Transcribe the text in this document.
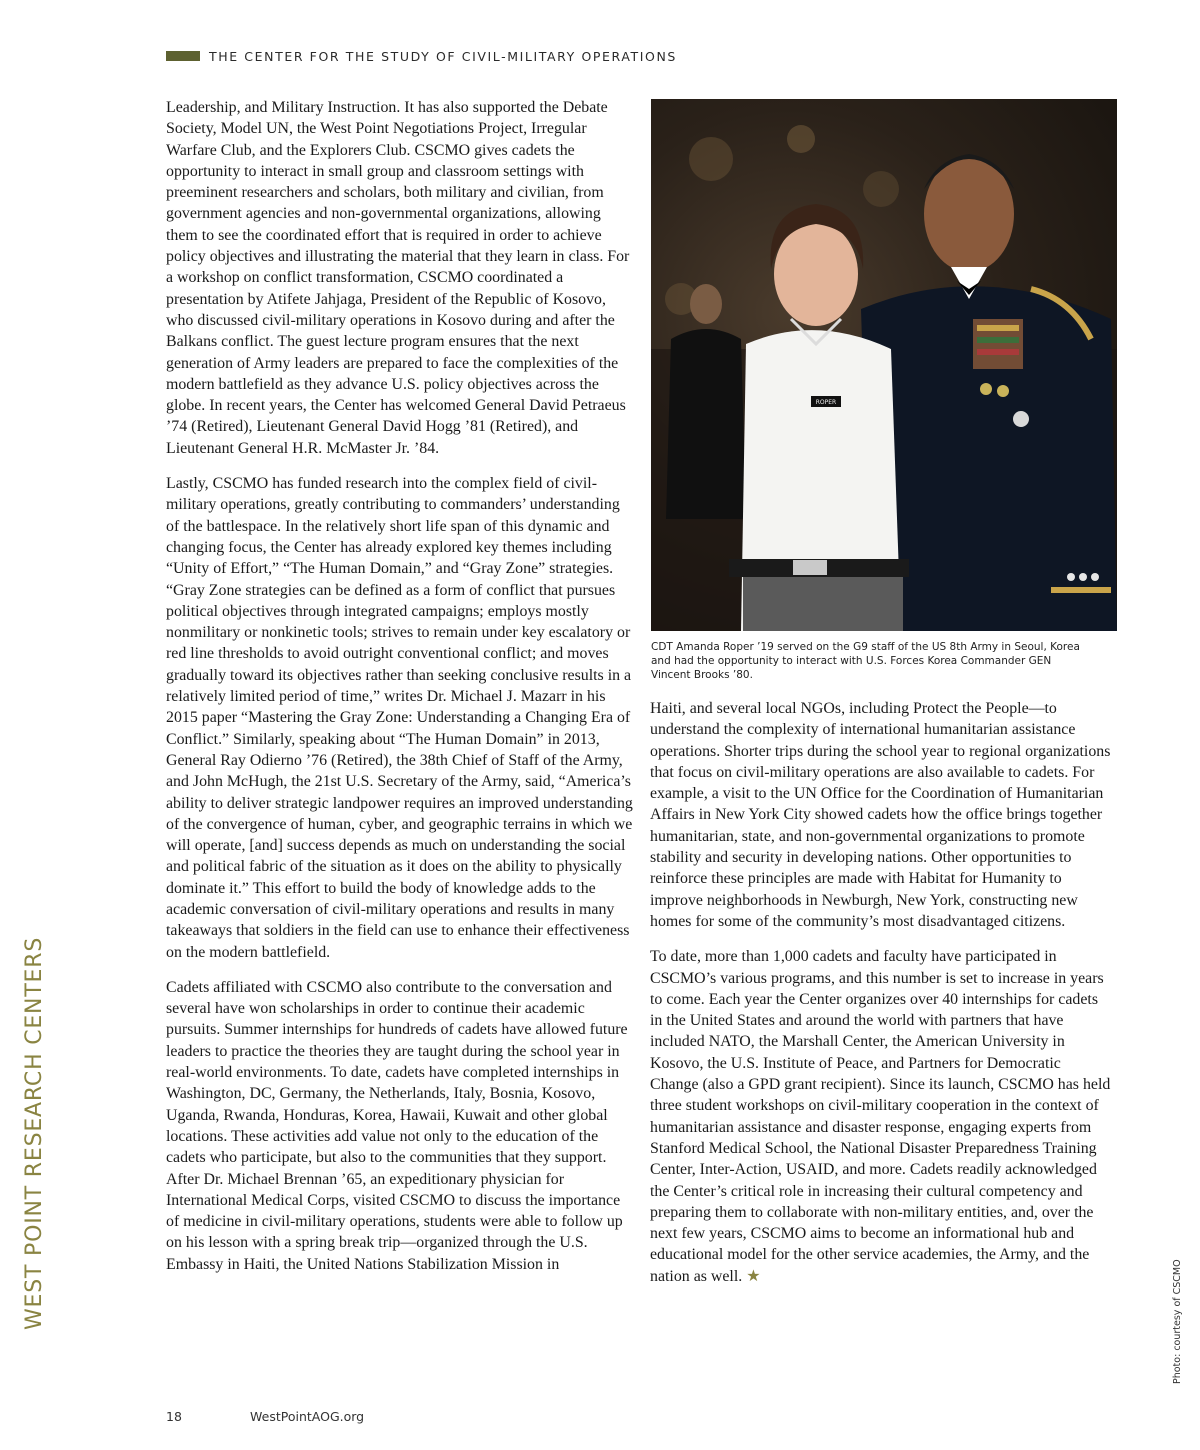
THE CENTER FOR THE STUDY OF CIVIL-MILITARY OPERATIONS

Leadership, and Military Instruction. It has also supported the Debate Society, Model UN, the West Point Negotiations Project, Irregular Warfare Club, and the Explorers Club. CSCMO gives cadets the opportunity to interact in small group and classroom settings with preeminent researchers and scholars, both military and civilian, from government agencies and non-governmental organizations, allowing them to see the coordinated effort that is required in order to achieve policy objectives and illustrating the material that they learn in class. For a workshop on conflict transformation, CSCMO coordinated a presentation by Atifete Jahjaga, President of the Republic of Kosovo, who discussed civil-military operations in Kosovo during and after the Balkans conflict. The guest lecture program ensures that the next generation of Army leaders are prepared to face the complexities of the modern battlefield as they advance U.S. policy objectives across the globe. In recent years, the Center has welcomed General David Petraeus ’74 (Retired), Lieutenant General David Hogg ’81 (Retired), and Lieutenant General H.R. McMaster Jr. ’84.

Lastly, CSCMO has funded research into the complex field of civil-military operations, greatly contributing to commanders’ understanding of the battlespace. In the relatively short life span of this dynamic and changing focus, the Center has already explored key themes including “Unity of Effort,” “The Human Domain,” and “Gray Zone” strategies. “Gray Zone strategies can be defined as a form of conflict that pursues political objectives through integrated campaigns; employs mostly nonmilitary or nonkinetic tools; strives to remain under key escalatory or red line thresholds to avoid outright conventional conflict; and moves gradually toward its objectives rather than seeking conclusive results in a relatively limited period of time,” writes Dr. Michael J. Mazarr in his 2015 paper “Mastering the Gray Zone: Understanding a Changing Era of Conflict.” Similarly, speaking about “The Human Domain” in 2013, General Ray Odierno ’76 (Retired), the 38th Chief of Staff of the Army, and John McHugh, the 21st U.S. Secretary of the Army, said, “America’s ability to deliver strategic landpower requires an improved understanding of the convergence of human, cyber, and geographic terrains in which we will operate, [and] success depends as much on understanding the social and political fabric of the situation as it does on the ability to physically dominate it.” This effort to build the body of knowledge adds to the academic conversation of civil-military operations and results in many takeaways that soldiers in the field can use to enhance their effectiveness on the modern battlefield.

Cadets affiliated with CSCMO also contribute to the conversation and several have won scholarships in order to continue their academic pursuits. Summer internships for hundreds of cadets have allowed future leaders to practice the theories they are taught during the school year in real-world environments. To date, cadets have completed internships in Washington, DC, Germany, the Netherlands, Italy, Bosnia, Kosovo, Uganda, Rwanda, Honduras, Korea, Hawaii, Kuwait and other global locations. These activities add value not only to the education of the cadets who participate, but also to the communities that they support. After Dr. Michael Brennan ’65, an expeditionary physician for International Medical Corps, visited CSCMO to discuss the importance of medicine in civil-military operations, students were able to follow up on his lesson with a spring break trip—organized through the U.S. Embassy in Haiti, the United Nations Stabilization Mission in

ROPER
CDT Amanda Roper ’19 served on the G9 staff of the US 8th Army in Seoul, Korea and had the opportunity to interact with U.S. Forces Korea Commander GEN Vincent Brooks ’80.

Haiti, and several local NGOs, including Protect the People—to understand the complexity of international humanitarian assistance operations. Shorter trips during the school year to regional organizations that focus on civil-military operations are also available to cadets. For example, a visit to the UN Office for the Coordination of Humanitarian Affairs in New York City showed cadets how the office brings together humanitarian, state, and non-governmental organizations to promote stability and security in developing nations. Other opportunities to reinforce these principles are made with Habitat for Humanity to improve neighborhoods in Newburgh, New York, constructing new homes for some of the community’s most disadvantaged citizens.

To date, more than 1,000 cadets and faculty have participated in CSCMO’s various programs, and this number is set to increase in years to come. Each year the Center organizes over 40 internships for cadets in the United States and around the world with partners that have included NATO, the Marshall Center, the American University in Kosovo, the U.S. Institute of Peace, and Partners for Democratic Change (also a GPD grant recipient). Since its launch, CSCMO has held three student workshops on civil-military cooperation in the context of humanitarian assistance and disaster response, engaging experts from Stanford Medical School, the National Disaster Preparedness Training Center, Inter-Action, USAID, and more. Cadets readily acknowledged the Center’s critical role in increasing their cultural competency and preparing them to collaborate with non-military entities, and, over the next few years, CSCMO aims to become an informational hub and educational model for the other service academies, the Army, and the nation as well. ★

WEST POINT RESEARCH CENTERS	Photo: courtesy of CSCMO
18	WestPointAOG.org
